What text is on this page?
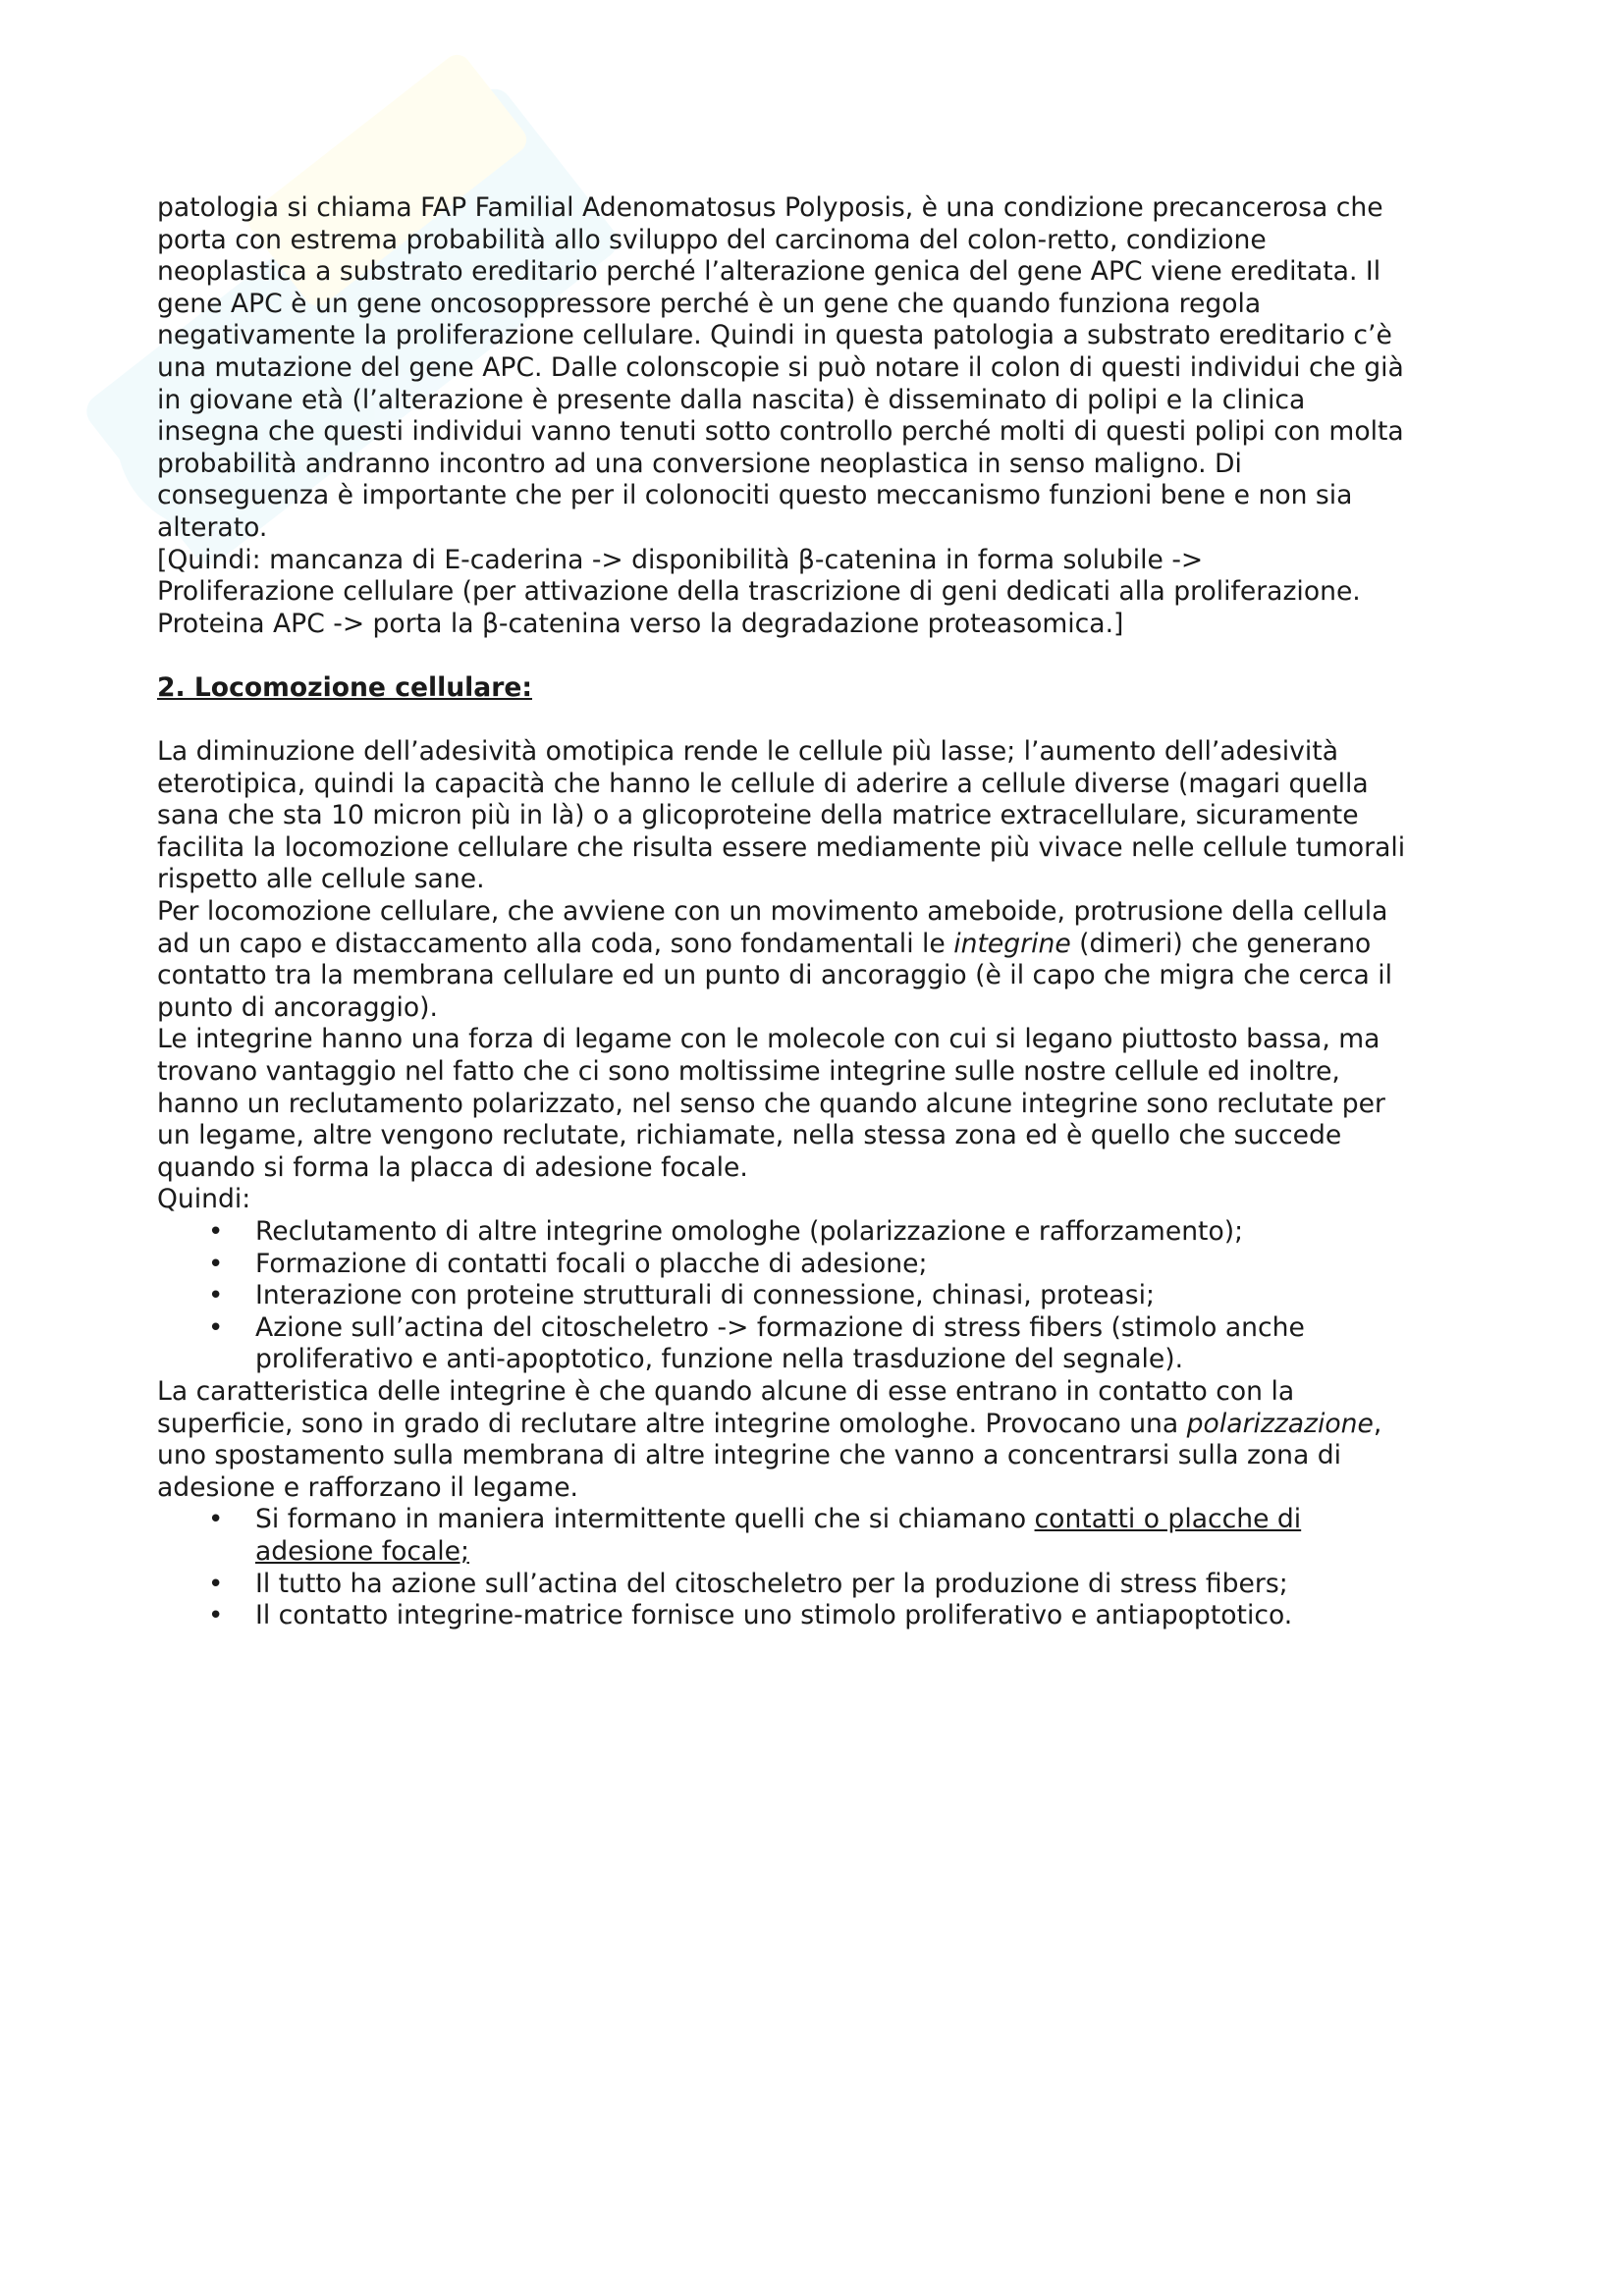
patologia si chiama FAP Familial Adenomatosus Polyposis, è una condizione precancerosa che

porta con estrema probabilità allo sviluppo del carcinoma del colon-retto, condizione

neoplastica a substrato ereditario perché l’alterazione genica del gene APC viene ereditata. Il

gene APC è un gene oncosoppressore perché è un gene che quando funziona regola

negativamente la proliferazione cellulare. Quindi in questa patologia a substrato ereditario c’è

una mutazione del gene APC. Dalle colonscopie si può notare il colon di questi individui che già

in giovane età (l’alterazione è presente dalla nascita) è disseminato di polipi e la clinica

insegna che questi individui vanno tenuti sotto controllo perché molti di questi polipi con molta

probabilità andranno incontro ad una conversione neoplastica in senso maligno. Di

conseguenza è importante che per il colonociti questo meccanismo funzioni bene e non sia

alterato.

[Quindi: mancanza di E-caderina -> disponibilità β-catenina in forma solubile ->

Proliferazione cellulare (per attivazione della trascrizione di geni dedicati alla proliferazione.

Proteina APC -> porta la β-catenina verso la degradazione proteasomica.]

2. Locomozione cellulare:

La diminuzione dell’adesività omotipica rende le cellule più lasse; l’aumento dell’adesività

eterotipica, quindi la capacità che hanno le cellule di aderire a cellule diverse (magari quella

sana che sta 10 micron più in là) o a glicoproteine della matrice extracellulare, sicuramente

facilita la locomozione cellulare che risulta essere mediamente più vivace nelle cellule tumorali

rispetto alle cellule sane.

Per locomozione cellulare, che avviene con un movimento ameboide, protrusione della cellula

ad un capo e distaccamento alla coda, sono fondamentali le integrine (dimeri) che generano

contatto tra la membrana cellulare ed un punto di ancoraggio (è il capo che migra che cerca il

punto di ancoraggio).

Le integrine hanno una forza di legame con le molecole con cui si legano piuttosto bassa, ma

trovano vantaggio nel fatto che ci sono moltissime integrine sulle nostre cellule ed inoltre,

hanno un reclutamento polarizzato, nel senso che quando alcune integrine sono reclutate per

un legame, altre vengono reclutate, richiamate, nella stessa zona ed è quello che succede

quando si forma la placca di adesione focale.

Quindi:

• Reclutamento di altre integrine omologhe (polarizzazione e rafforzamento);
• Formazione di contatti focali o placche di adesione;
• Interazione con proteine strutturali di connessione, chinasi, proteasi;
• Azione sull’actina del citoscheletro -> formazione di stress fibers (stimolo anche
proliferativo e anti-apoptotico, funzione nella trasduzione del segnale).

La caratteristica delle integrine è che quando alcune di esse entrano in contatto con la

superficie, sono in grado di reclutare altre integrine omologhe. Provocano una polarizzazione,

uno spostamento sulla membrana di altre integrine che vanno a concentrarsi sulla zona di

adesione e rafforzano il legame.

• Si formano in maniera intermittente quelli che si chiamano contatti o placche di
adesione focale;
• Il tutto ha azione sull’actina del citoscheletro per la produzione di stress fibers;
• Il contatto integrine-matrice fornisce uno stimolo proliferativo e antiapoptotico.
